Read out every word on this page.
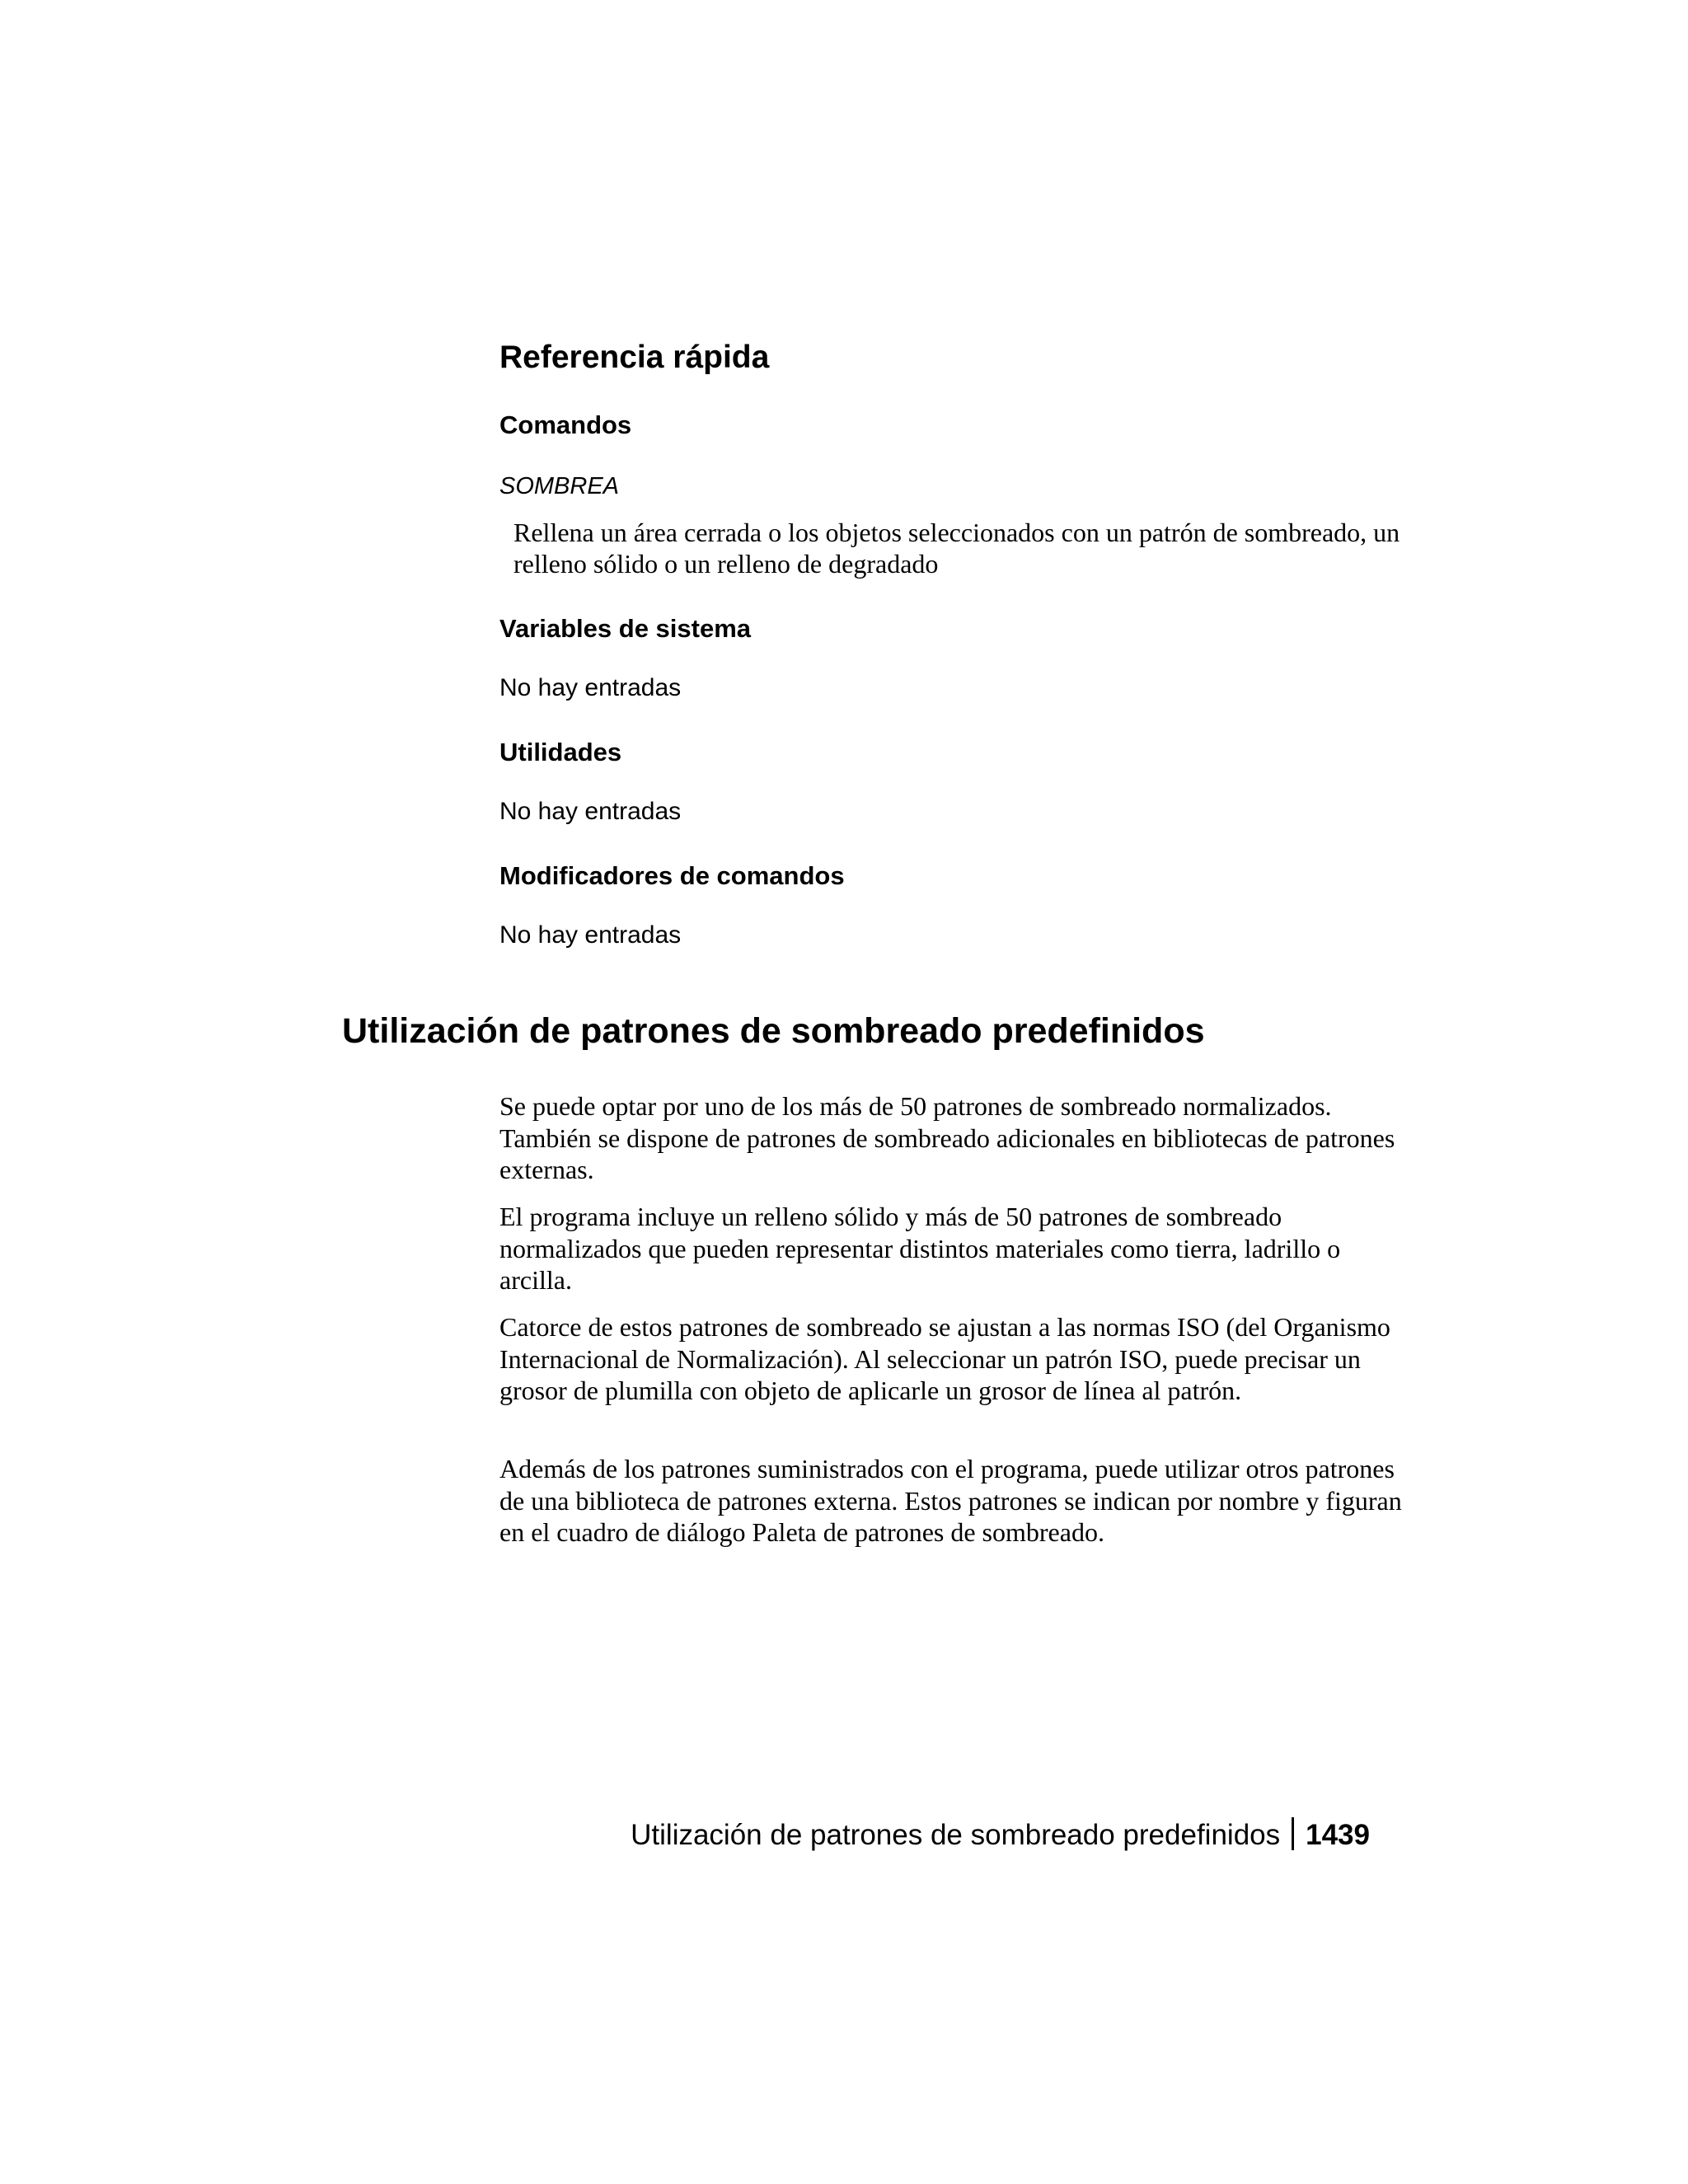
Referencia rápida
Comandos
SOMBREA

Rellena un área cerrada o los objetos seleccionados con un patrón de sombreado, un relleno sólido o un relleno de degradado

Variables de sistema
No hay entradas
Utilidades
No hay entradas
Modificadores de comandos
No hay entradas
Utilización de patrones de sombreado predefinidos

Se puede optar por uno de los más de 50 patrones de sombreado normalizados. También se dispone de patrones de sombreado adicionales en bibliotecas de patrones externas.

El programa incluye un relleno sólido y más de 50 patrones de sombreado normalizados que pueden representar distintos materiales como tierra, ladrillo o arcilla.

Catorce de estos patrones de sombreado se ajustan a las normas ISO (del Organismo Internacional de Normalización). Al seleccionar un patrón ISO, puede precisar un grosor de plumilla con objeto de aplicarle un grosor de línea al patrón.

Además de los patrones suministrados con el programa, puede utilizar otros patrones de una biblioteca de patrones externa. Estos patrones se indican por nombre y figuran en el cuadro de diálogo Paleta de patrones de sombreado.

Utilización de patrones de sombreado predefinidos 1439
